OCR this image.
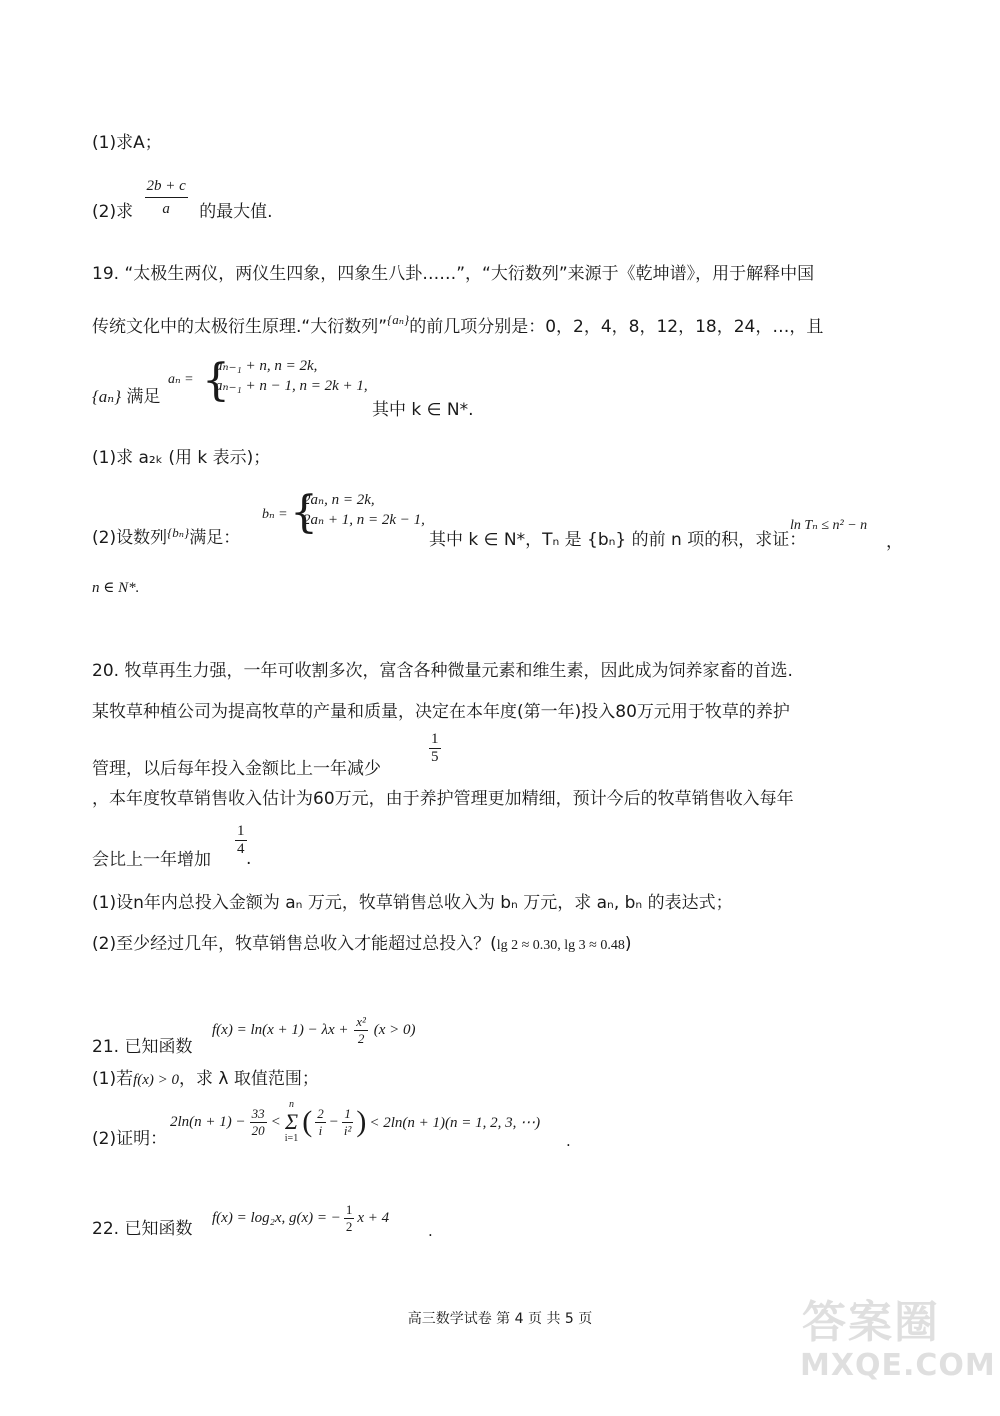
(1)求A；
(2)求 $\frac{2b + c}{a}$ 的最大值.
19. “太极生两仪，两仪生四象，四象生八卦……”，“大衍数列”来源于《乾坤谱》，用于解释中国
传统文化中的太极衍生原理.“大衍数列”$^{\{a_n\}}$的前几项分别是：0，2，4，8，12，18，24，…，且
{aₙ} 满足
aₙ = {
aₙ₋₁ + n, n = 2k,
aₙ₋₁ + n − 1, n = 2k + 1,
其中 k ∈ N*.
(1)求 a₂ₖ (用 k 表示)；
(2)设数列$^{\{b_n\}}$满足：
bₙ = {
2aₙ, n = 2k,
2aₙ + 1, n = 2k − 1,
其中 k ∈ N*，Tₙ 是 {bₙ} 的前 n 项的积，求证：
ln Tₙ ≤ n² − n
，
n ∈ N*.
20. 牧草再生力强，一年可收割多次，富含各种微量元素和维生素，因此成为饲养家畜的首选.
某牧草种植公司为提高牧草的产量和质量，决定在本年度(第一年)投入80万元用于牧草的养护
管理，以后每年投入金额比上一年减少
$\frac{1}{5}$
，本年度牧草销售收入估计为60万元，由于养护管理更加精细，预计今后的牧草销售收入每年
会比上一年增加
$\frac{1}{4}$
.
(1)设n年内总投入金额为 aₙ 万元，牧草销售总收入为 bₙ 万元，求 aₙ, bₙ 的表达式；
(2)至少经过几年，牧草销售总收入才能超过总投入？(lg 2 ≈ 0.30, lg 3 ≈ 0.48)
21. 已知函数
$f(x) = \ln(x + 1) - \lambda x + \frac{\text{x²}}{2} (x > 0)$
(1)若f(x) > 0，求 λ 取值范围；
(2)证明：
$2\ln(n + 1) - \frac{33}{20}$ <
n
Σ
i=1
( $\frac{2}{i} - \frac{1}{\text{i²}}$ ) < 2ln(n + 1)(n = 1, 2, 3, ⋯)
.
22. 已知函数
f(x) = log₂x, g(x) = − $\frac{1}{2}$ x + 4
.
高三数学试卷 第 4 页 共 5 页	答案圈
MXQE.COM
